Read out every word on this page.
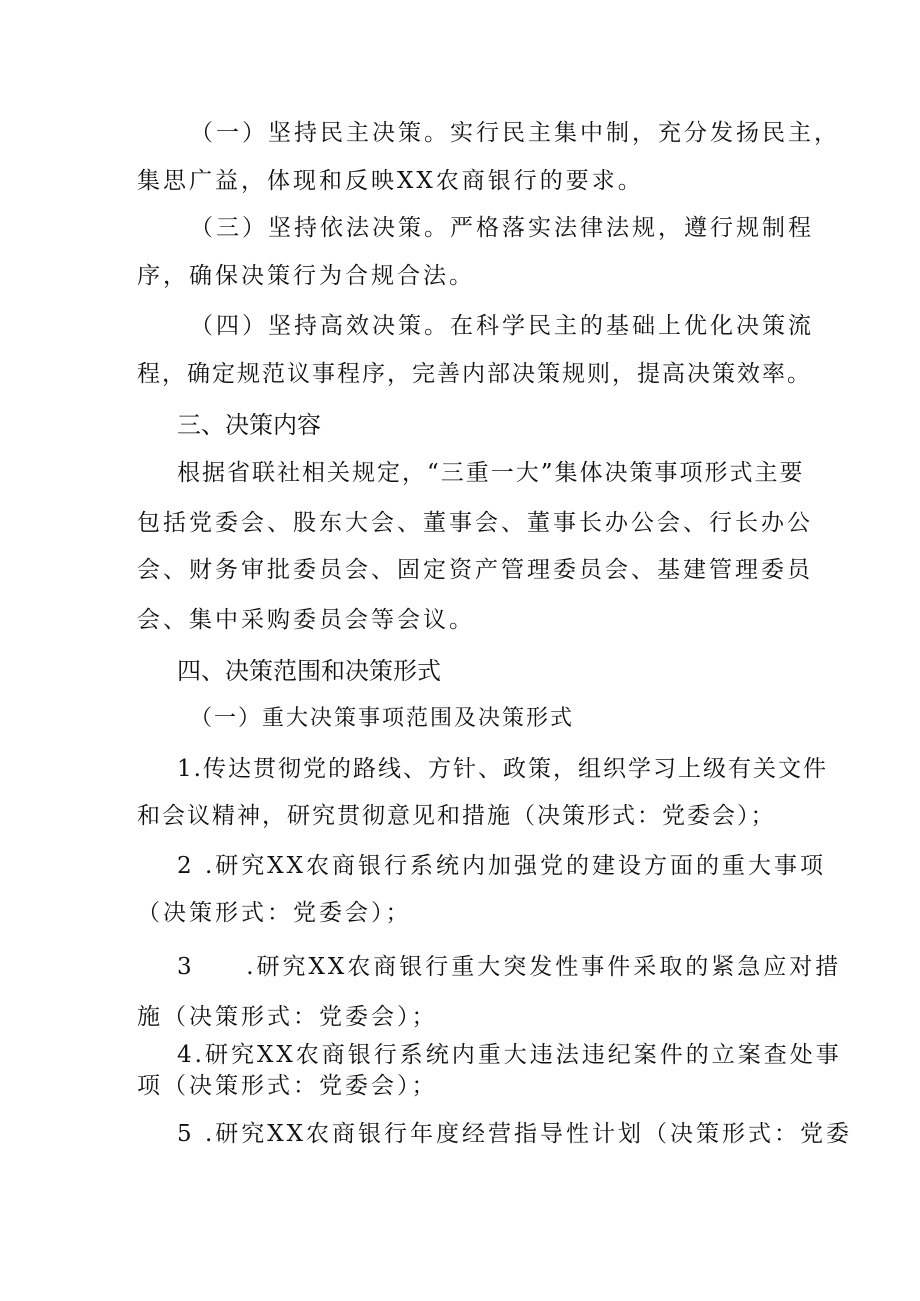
（一）坚持民主决策。实行民主集中制，充分发扬民主，
集思广益，体现和反映XX农商银行的要求。
（三）坚持依法决策。严格落实法律法规，遵行规制程
序，确保决策行为合规合法。
（四）坚持高效决策。在科学民主的基础上优化决策流
程，确定规范议事程序，完善内部决策规则，提高决策效率。
三、决策内容
根据省联社相关规定，“三重一大”集体决策事项形式主要
包括党委会、股东大会、董事会、董事长办公会、行长办公
会、财务审批委员会、固定资产管理委员会、基建管理委员
会、集中采购委员会等会议。
四、决策范围和决策形式
（一）重大决策事项范围及决策形式
1.传达贯彻党的路线、方针、政策，组织学习上级有关文件
和会议精神，研究贯彻意见和措施（决策形式：党委会）；
2 .研究XX农商银行系统内加强党的建设方面的重大事项
（决策形式：党委会）；
3     .研究XX农商银行重大突发性事件采取的紧急应对措
施（决策形式：党委会）；
4.研究XX农商银行系统内重大违法违纪案件的立案查处事
项（决策形式：党委会）；
5 .研究XX农商银行年度经营指导性计划（决策形式：党委
